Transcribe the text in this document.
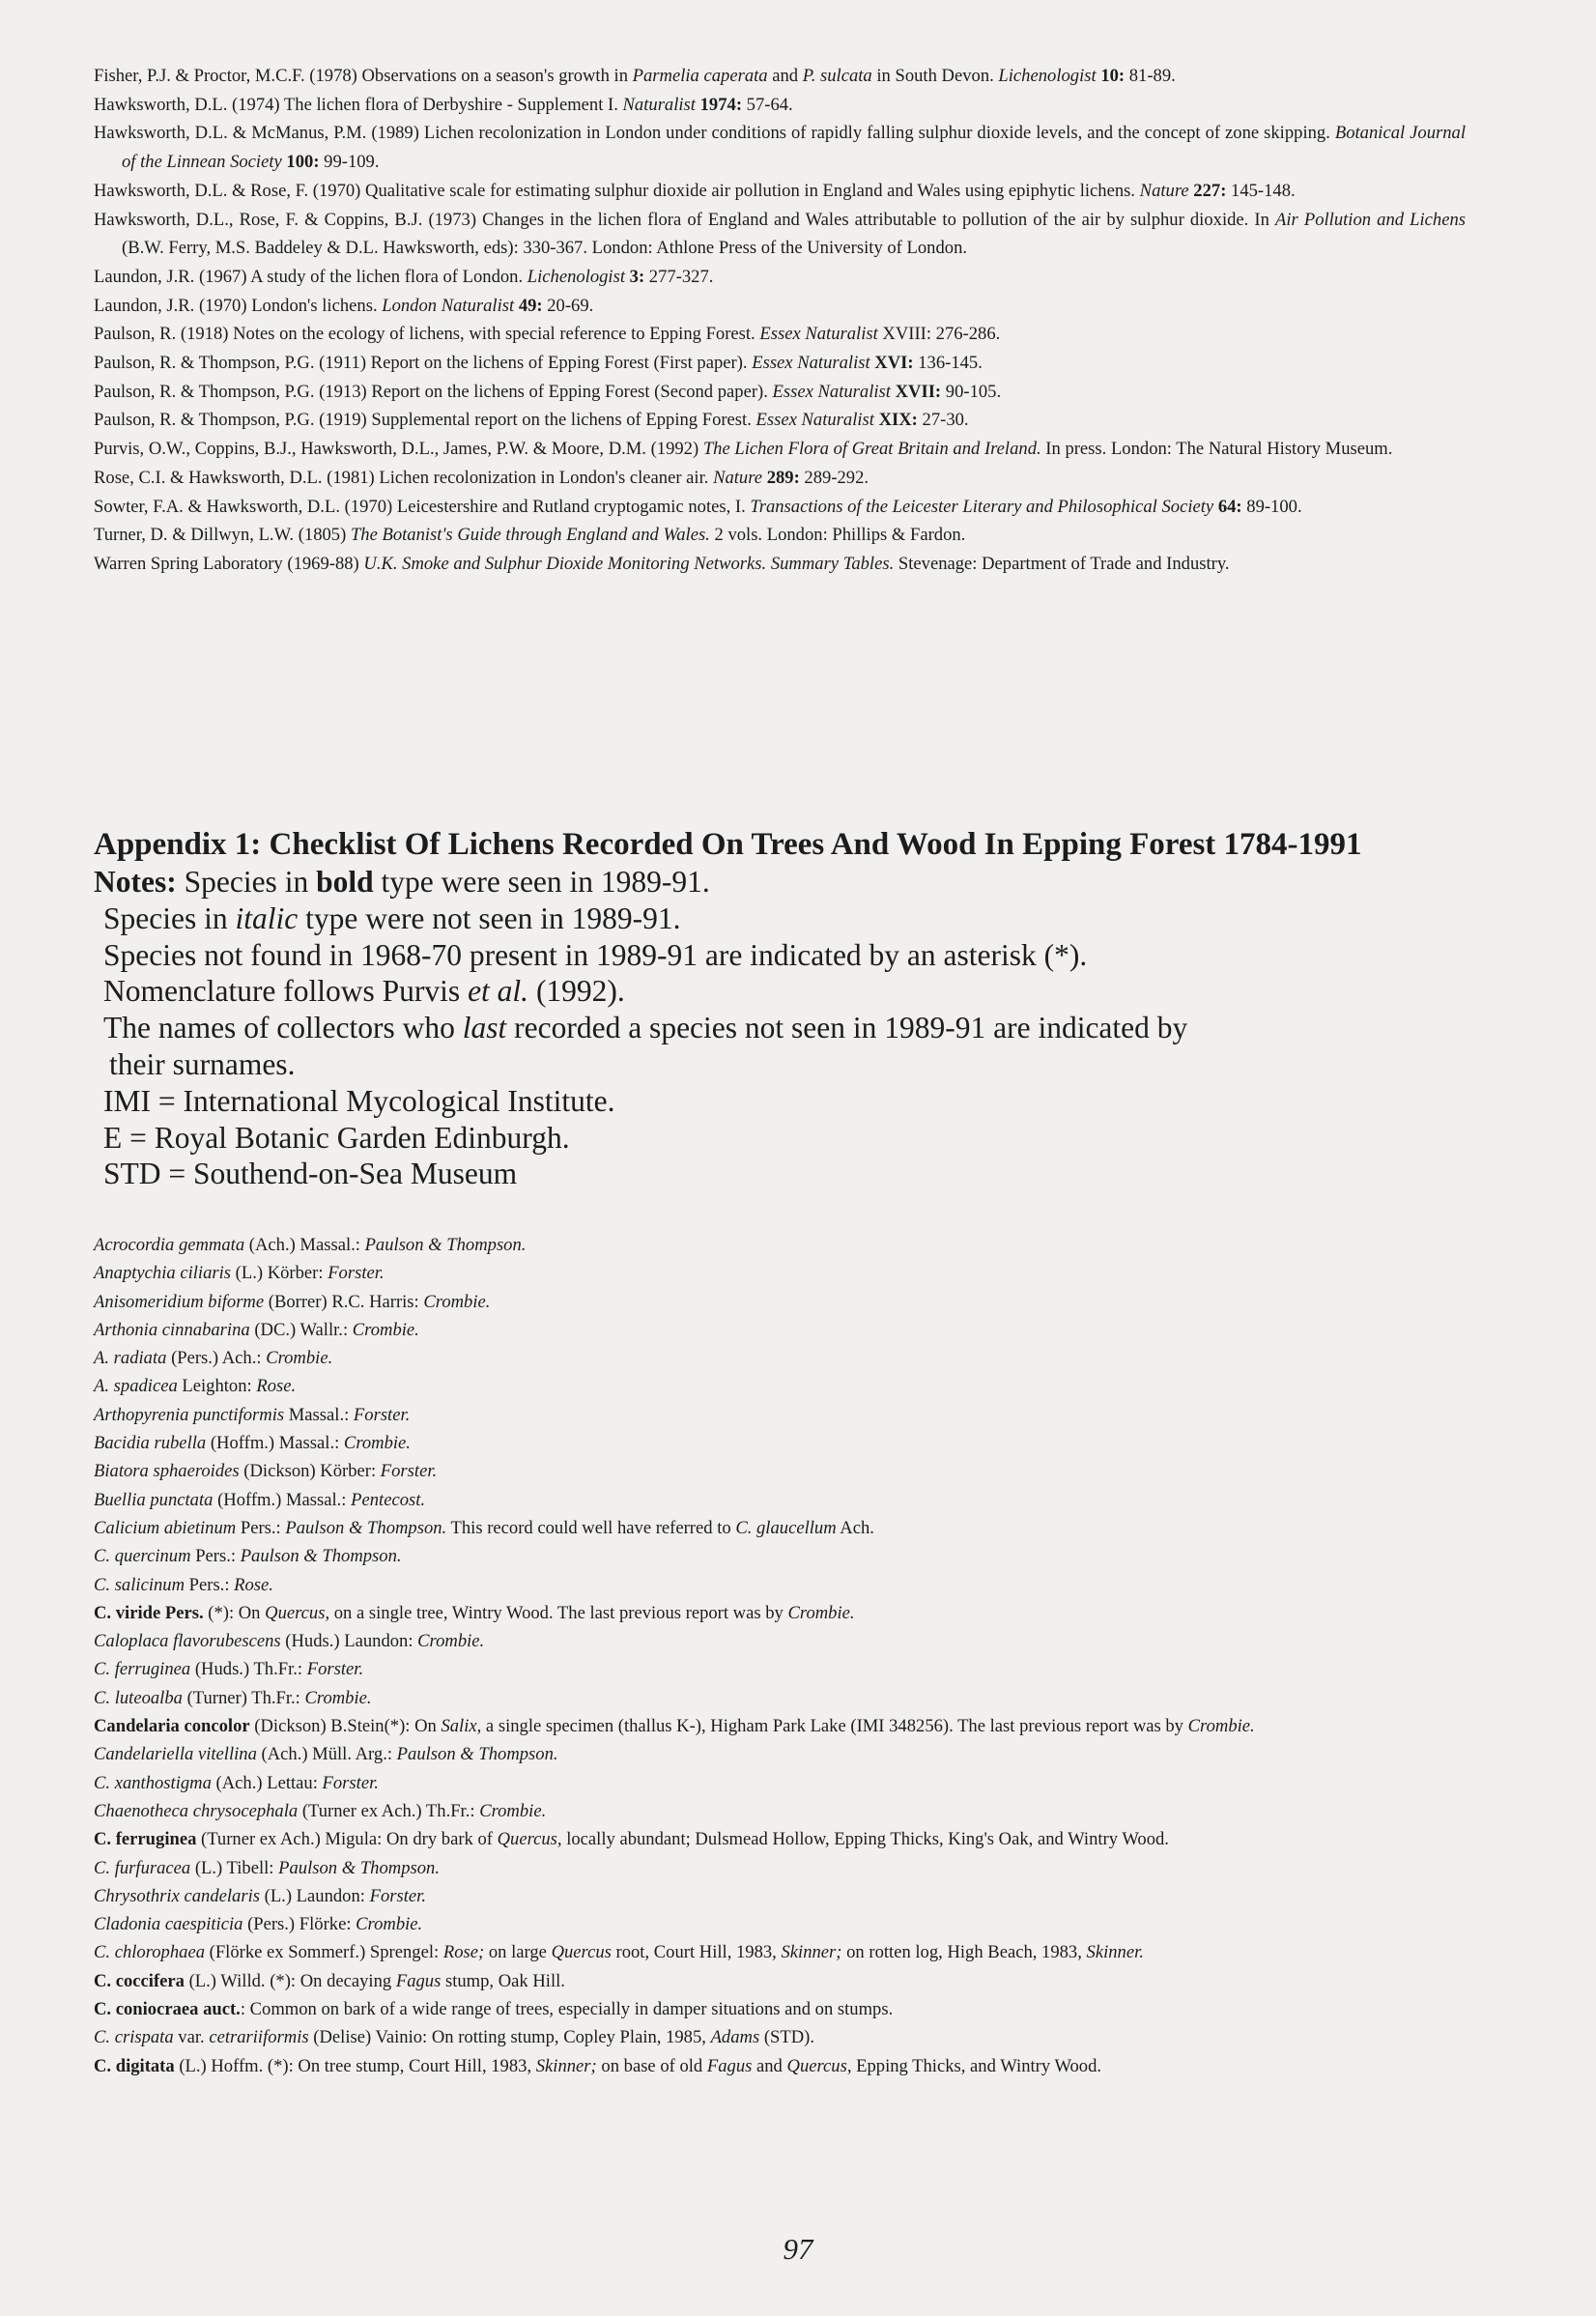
Fisher, P.J. & Proctor, M.C.F. (1978) Observations on a season's growth in Parmelia caperata and P. sulcata in South Devon. Lichenologist 10: 81-89.

Hawksworth, D.L. (1974) The lichen flora of Derbyshire - Supplement I. Naturalist 1974: 57-64.

Hawksworth, D.L. & McManus, P.M. (1989) Lichen recolonization in London under conditions of rapidly falling sulphur dioxide levels, and the concept of zone skipping. Botanical Journal of the Linnean Society 100: 99-109.

Hawksworth, D.L. & Rose, F. (1970) Qualitative scale for estimating sulphur dioxide air pollution in England and Wales using epiphytic lichens. Nature 227: 145-148.

Hawksworth, D.L., Rose, F. & Coppins, B.J. (1973) Changes in the lichen flora of England and Wales attributable to pollution of the air by sulphur dioxide. In Air Pollution and Lichens (B.W. Ferry, M.S. Baddeley & D.L. Hawksworth, eds): 330-367. London: Athlone Press of the University of London.

Laundon, J.R. (1967) A study of the lichen flora of London. Lichenologist 3: 277-327.

Laundon, J.R. (1970) London's lichens. London Naturalist 49: 20-69.

Paulson, R. (1918) Notes on the ecology of lichens, with special reference to Epping Forest. Essex Naturalist XVIII: 276-286.

Paulson, R. & Thompson, P.G. (1911) Report on the lichens of Epping Forest (First paper). Essex Naturalist XVI: 136-145.

Paulson, R. & Thompson, P.G. (1913) Report on the lichens of Epping Forest (Second paper). Essex Naturalist XVII: 90-105.

Paulson, R. & Thompson, P.G. (1919) Supplemental report on the lichens of Epping Forest. Essex Naturalist XIX: 27-30.

Purvis, O.W., Coppins, B.J., Hawksworth, D.L., James, P.W. & Moore, D.M. (1992) The Lichen Flora of Great Britain and Ireland. In press. London: The Natural History Museum.

Rose, C.I. & Hawksworth, D.L. (1981) Lichen recolonization in London's cleaner air. Nature 289: 289-292.

Sowter, F.A. & Hawksworth, D.L. (1970) Leicestershire and Rutland cryptogamic notes, I. Transactions of the Leicester Literary and Philosophical Society 64: 89-100.

Turner, D. & Dillwyn, L.W. (1805) The Botanist's Guide through England and Wales. 2 vols. London: Phillips & Fardon.

Warren Spring Laboratory (1969-88) U.K. Smoke and Sulphur Dioxide Monitoring Networks. Summary Tables. Stevenage: Department of Trade and Industry.

Appendix 1: Checklist Of Lichens Recorded On Trees And Wood In Epping Forest 1784-1991

Notes: Species in bold type were seen in 1989-91.

Species in italic type were not seen in 1989-91.

Species not found in 1968-70 present in 1989-91 are indicated by an asterisk (*).

Nomenclature follows Purvis et al. (1992).

The names of collectors who last recorded a species not seen in 1989-91 are indicated by

their surnames.

IMI = International Mycological Institute.

E = Royal Botanic Garden Edinburgh.

STD = Southend-on-Sea Museum

Acrocordia gemmata (Ach.) Massal.: Paulson & Thompson.

Anaptychia ciliaris (L.) Körber: Forster.

Anisomeridium biforme (Borrer) R.C. Harris: Crombie.

Arthonia cinnabarina (DC.) Wallr.: Crombie.

A. radiata (Pers.) Ach.: Crombie.

A. spadicea Leighton: Rose.

Arthopyrenia punctiformis Massal.: Forster.

Bacidia rubella (Hoffm.) Massal.: Crombie.

Biatora sphaeroides (Dickson) Körber: Forster.

Buellia punctata (Hoffm.) Massal.: Pentecost.

Calicium abietinum Pers.: Paulson & Thompson. This record could well have referred to C. glaucellum Ach.

C. quercinum Pers.: Paulson & Thompson.

C. salicinum Pers.: Rose.

C. viride Pers. (*): On Quercus, on a single tree, Wintry Wood. The last previous report was by Crombie.

Caloplaca flavorubescens (Huds.) Laundon: Crombie.

C. ferruginea (Huds.) Th.Fr.: Forster.

C. luteoalba (Turner) Th.Fr.: Crombie.

Candelaria concolor (Dickson) B.Stein(*): On Salix, a single specimen (thallus K-), Higham Park Lake (IMI 348256). The last previous report was by Crombie.

Candelariella vitellina (Ach.) Müll. Arg.: Paulson & Thompson.

C. xanthostigma (Ach.) Lettau: Forster.

Chaenotheca chrysocephala (Turner ex Ach.) Th.Fr.: Crombie.

C. ferruginea (Turner ex Ach.) Migula: On dry bark of Quercus, locally abundant; Dulsmead Hollow, Epping Thicks, King's Oak, and Wintry Wood.

C. furfuracea (L.) Tibell: Paulson & Thompson.

Chrysothrix candelaris (L.) Laundon: Forster.

Cladonia caespiticia (Pers.) Flörke: Crombie.

C. chlorophaea (Flörke ex Sommerf.) Sprengel: Rose; on large Quercus root, Court Hill, 1983, Skinner; on rotten log, High Beach, 1983, Skinner.

C. coccifera (L.) Willd. (*): On decaying Fagus stump, Oak Hill.

C. coniocraea auct.: Common on bark of a wide range of trees, especially in damper situations and on stumps.

C. crispata var. cetrariiformis (Delise) Vainio: On rotting stump, Copley Plain, 1985, Adams (STD).

C. digitata (L.) Hoffm. (*): On tree stump, Court Hill, 1983, Skinner; on base of old Fagus and Quercus, Epping Thicks, and Wintry Wood.

97
